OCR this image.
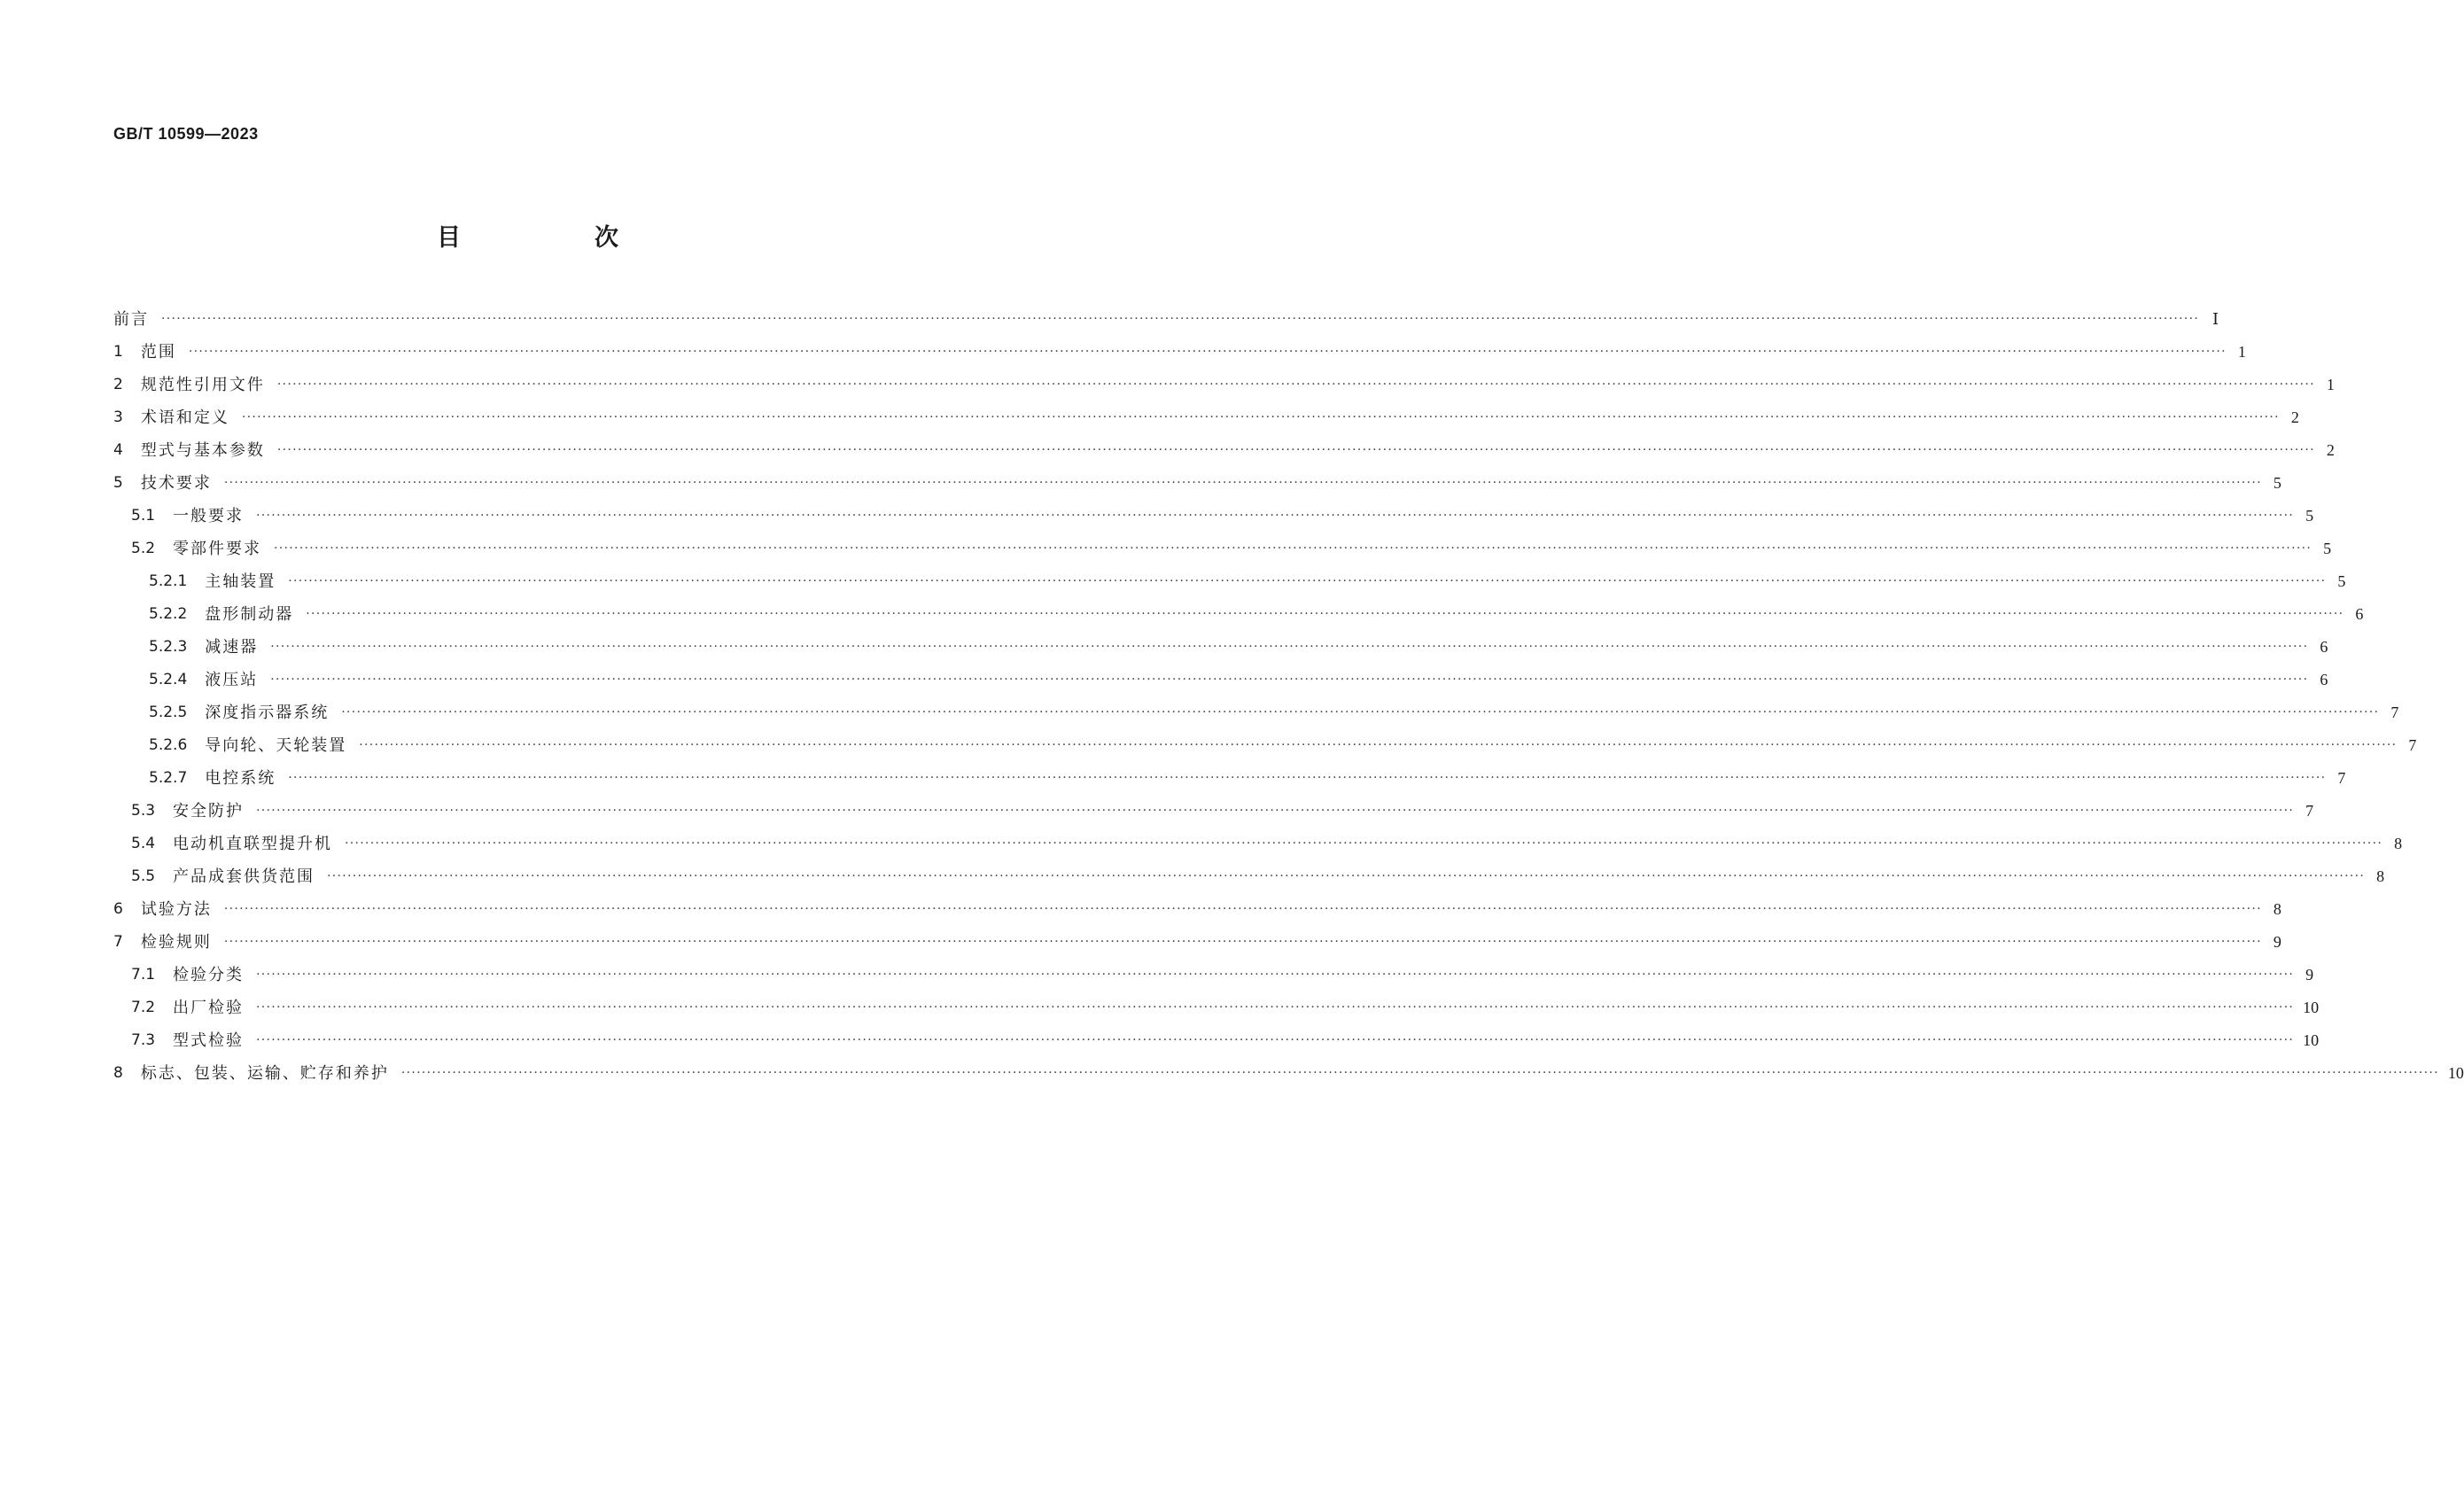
GB/T 10599—2023
目　次
前言 ················································································································································································································································································································································································································ Ⅰ
1 范围 ················································································································································································································································································································································································································ 1
2 规范性引用文件 ················································································································································································································································································································································································································ 1
3 术语和定义 ················································································································································································································································································································································································································ 2
4 型式与基本参数 ················································································································································································································································································································································································································ 2
5 技术要求 ················································································································································································································································································································································································································ 5
5.1 一般要求 ················································································································································································································································································································································································································ 5
5.2 零部件要求 ················································································································································································································································································································································································································ 5
5.2.1 主轴装置 ················································································································································································································································································································································································································ 5
5.2.2 盘形制动器 ················································································································································································································································································································································································································ 6
5.2.3 减速器 ················································································································································································································································································································································································································ 6
5.2.4 液压站 ················································································································································································································································································································································································································ 6
5.2.5 深度指示器系统 ················································································································································································································································································································································································································ 7
5.2.6 导向轮、天轮装置 ················································································································································································································································································································································································································ 7
5.2.7 电控系统 ················································································································································································································································································································································································································ 7
5.3 安全防护 ················································································································································································································································································································································································································ 7
5.4 电动机直联型提升机 ················································································································································································································································································································································································································ 8
5.5 产品成套供货范围 ················································································································································································································································································································································································································ 8
6 试验方法 ················································································································································································································································································································································································································ 8
7 检验规则 ················································································································································································································································································································································································································ 9
7.1 检验分类 ················································································································································································································································································································································································································ 9
7.2 出厂检验 ················································································································································································································································································································································································································ 10
7.3 型式检验 ················································································································································································································································································································································································································ 10
8 标志、包装、运输、贮存和养护 ················································································································································································································································································································································································································ 10
